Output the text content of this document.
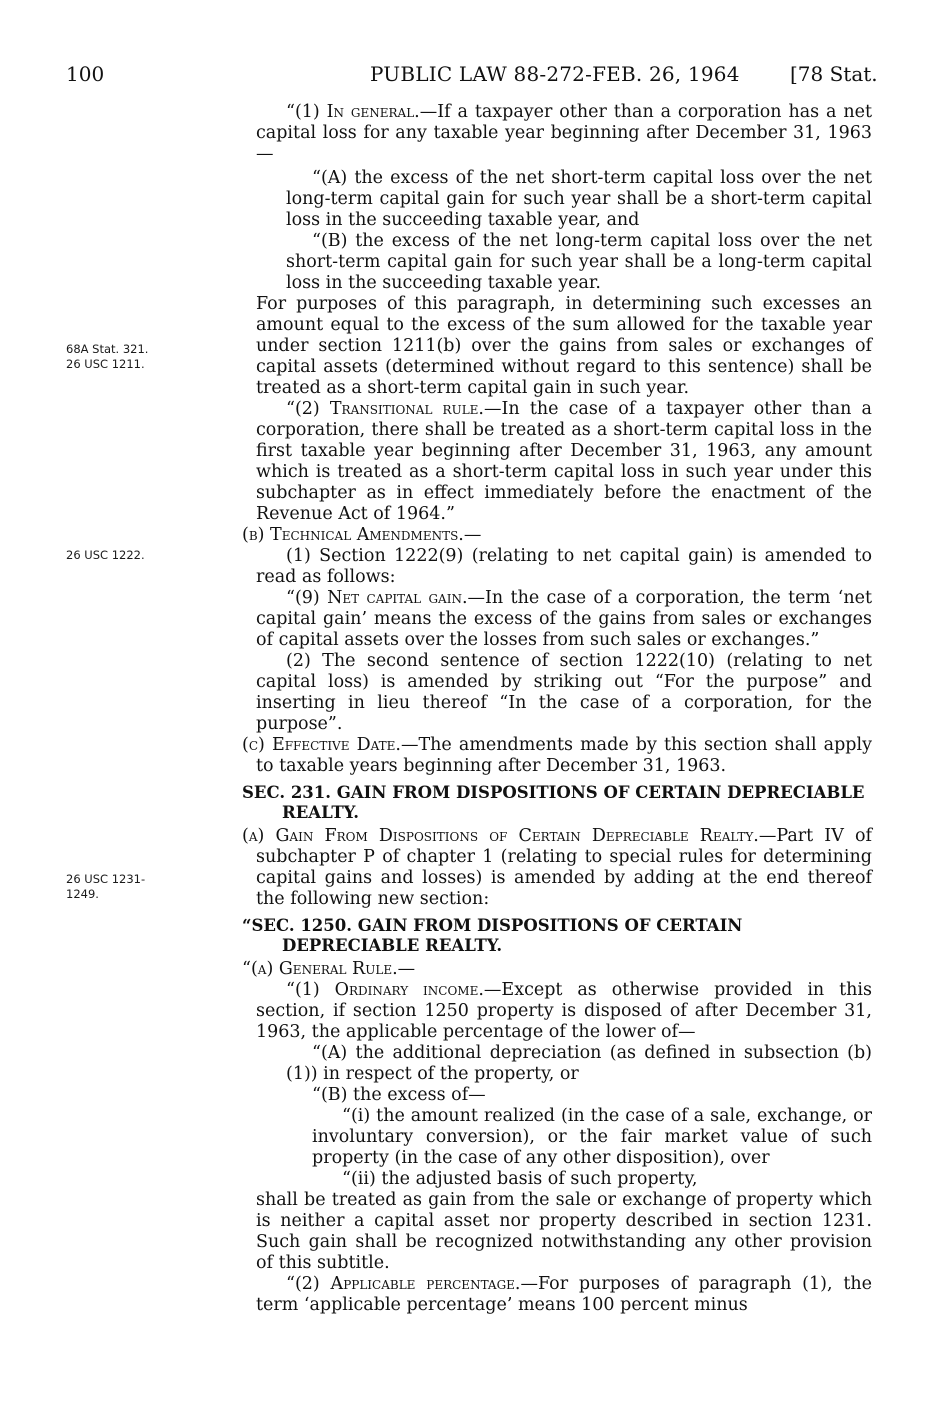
100	PUBLIC LAW 88-272-FEB. 26, 1964	[78 Stat.
68A Stat. 321.
26 USC 1211.
26 USC 1222.
26 USC 1231-
1249.

“(1) In general.—If a taxpayer other than a corporation has a net capital loss for any taxable year beginning after December 31, 1963—

“(A) the excess of the net short-term capital loss over the net long-term capital gain for such year shall be a short-term capital loss in the succeeding taxable year, and

“(B) the excess of the net long-term capital loss over the net short-term capital gain for such year shall be a long-term capital loss in the succeeding taxable year.

For purposes of this paragraph, in determining such excesses an amount equal to the excess of the sum allowed for the taxable year under section 1211(b) over the gains from sales or exchanges of capital assets (determined without regard to this sentence) shall be treated as a short-term capital gain in such year.

“(2) Transitional rule.—In the case of a taxpayer other than a corporation, there shall be treated as a short-term capital loss in the first taxable year beginning after December 31, 1963, any amount which is treated as a short-term capital loss in such year under this subchapter as in effect immediately before the enactment of the Revenue Act of 1964.”

(b) Technical Amendments.—

(1) Section 1222(9) (relating to net capital gain) is amended to read as follows:

“(9) Net capital gain.—In the case of a corporation, the term ‘net capital gain’ means the excess of the gains from sales or exchanges of capital assets over the losses from such sales or exchanges.”

(2) The second sentence of section 1222(10) (relating to net capital loss) is amended by striking out “For the purpose” and inserting in lieu thereof “In the case of a corporation, for the purpose”.

(c) Effective Date.—The amendments made by this section shall apply to taxable years beginning after December 31, 1963.

SEC. 231. GAIN FROM DISPOSITIONS OF CERTAIN DEPRECIABLE REALTY.

(a) Gain From Dispositions of Certain Depreciable Realty.—Part IV of subchapter P of chapter 1 (relating to special rules for determining capital gains and losses) is amended by adding at the end thereof the following new section:

“SEC. 1250. GAIN FROM DISPOSITIONS OF CERTAIN DEPRECIABLE REALTY.

“(a) General Rule.—

“(1) Ordinary income.—Except as otherwise provided in this section, if section 1250 property is disposed of after December 31, 1963, the applicable percentage of the lower of—

“(A) the additional depreciation (as defined in subsection (b)(1)) in respect of the property, or

“(B) the excess of—

“(i) the amount realized (in the case of a sale, exchange, or involuntary conversion), or the fair market value of such property (in the case of any other disposition), over

“(ii) the adjusted basis of such property,

shall be treated as gain from the sale or exchange of property which is neither a capital asset nor property described in section 1231. Such gain shall be recognized notwithstanding any other provision of this subtitle.

“(2) Applicable percentage.—For purposes of paragraph (1), the term ‘applicable percentage’ means 100 percent minus
